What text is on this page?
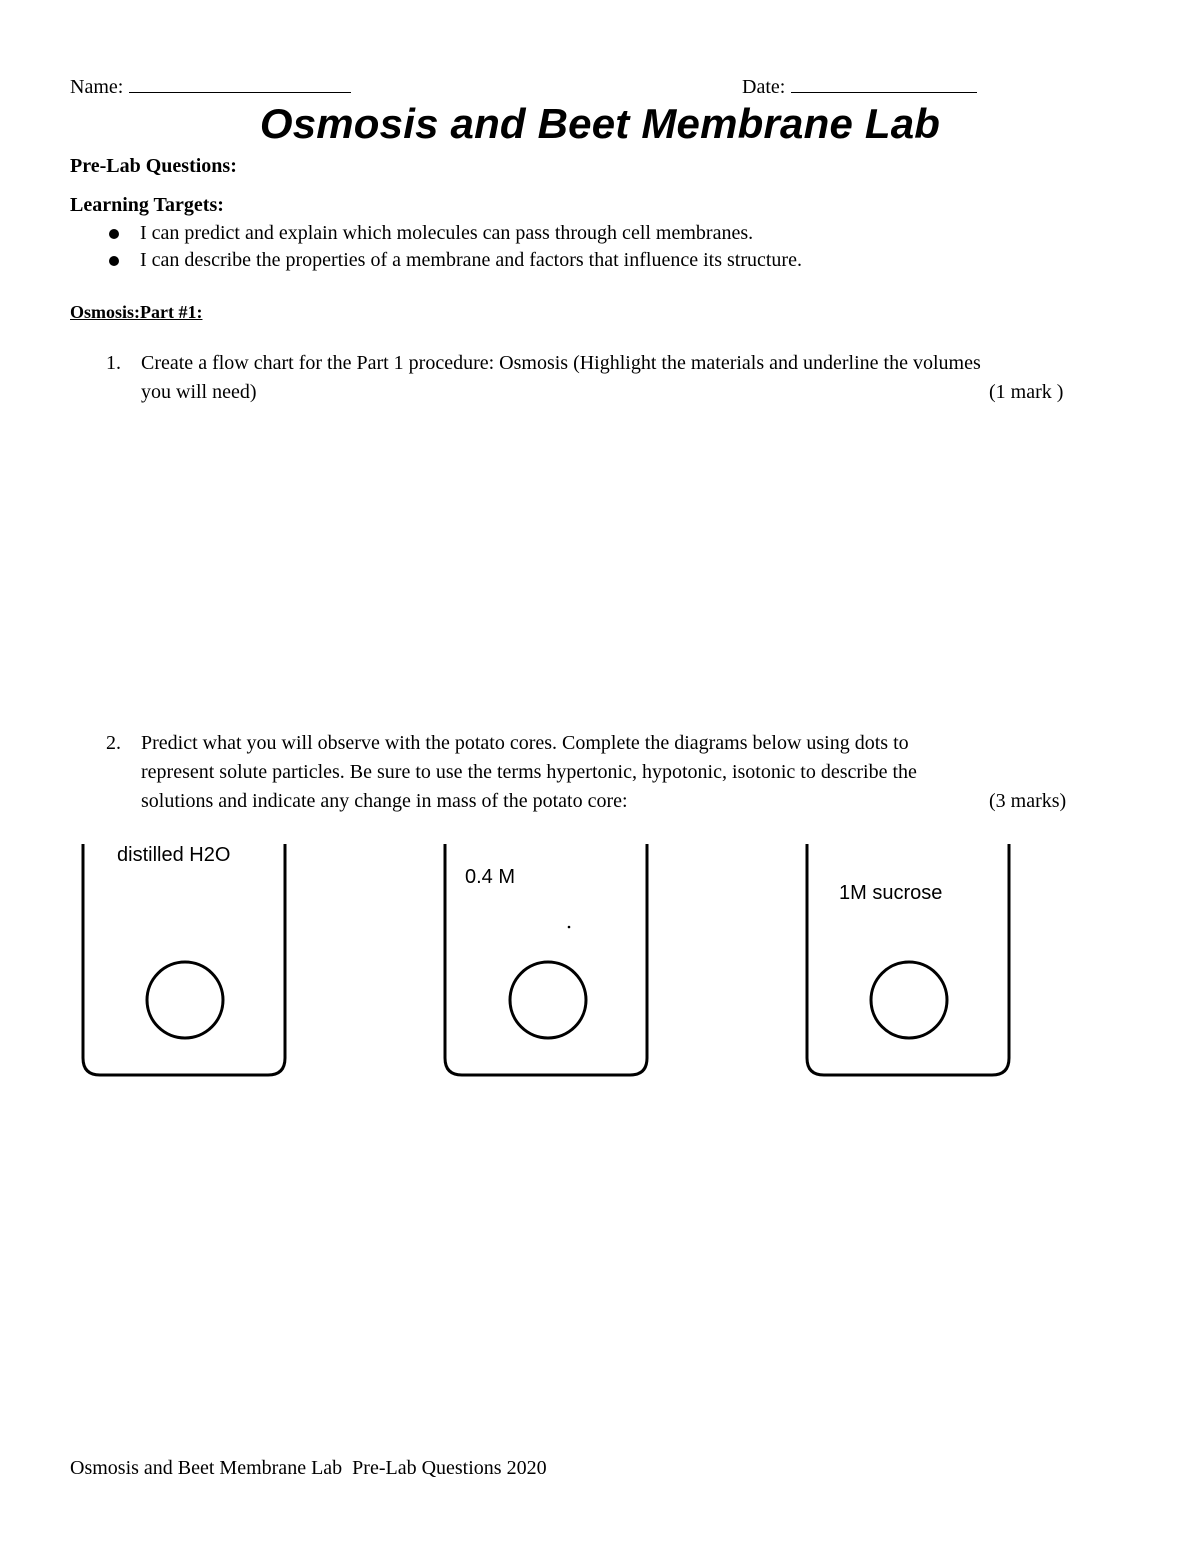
Name:	Date:
Osmosis and Beet Membrane Lab
Pre-Lab Questions:
Learning Targets:
I can predict and explain which molecules can pass through cell membranes.
I can describe the properties of a membrane and factors that influence its structure.
Osmosis:Part #1:
1. Create a flow chart for the Part 1 procedure: Osmosis (Highlight the materials and underline the volumes
you will need)	(1 mark )
2. Predict what you will observe with the potato cores. Complete the diagrams below using dots to
represent solute particles. Be sure to use the terms hypertonic, hypotonic, isotonic to describe the
solutions and indicate any change in mass of the potato core:	(3 marks)
distilled H2O
0.4 M
1M sucrose
Osmosis and Beet Membrane Lab  Pre-Lab Questions 2020
